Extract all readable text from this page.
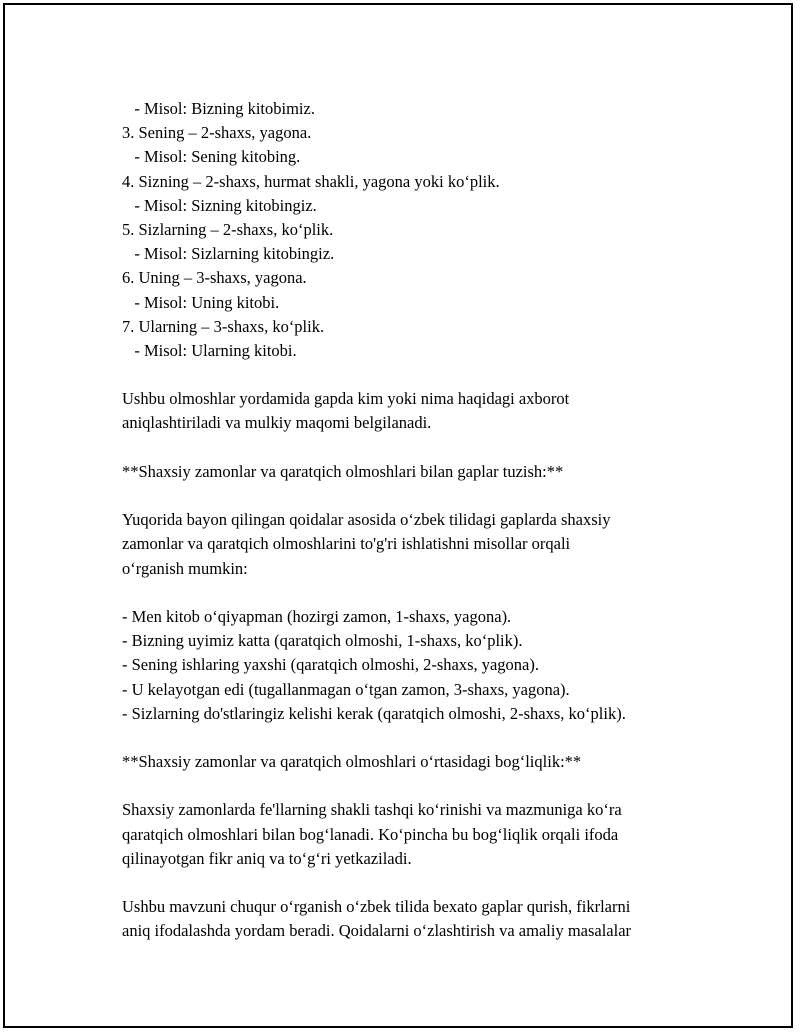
- Misol: Bizning kitobimiz.
3. Sening – 2-shaxs, yagona.
- Misol: Sening kitobing.
4. Sizning – 2-shaxs, hurmat shakli, yagona yoki koʻplik.
- Misol: Sizning kitobingiz.
5. Sizlarning – 2-shaxs, koʻplik.
- Misol: Sizlarning kitobingiz.
6. Uning – 3-shaxs, yagona.
- Misol: Uning kitobi.
7. Ularning – 3-shaxs, koʻplik.
- Misol: Ularning kitobi.
Ushbu olmoshlar yordamida gapda kim yoki nima haqidagi axborot
aniqlashtiriladi va mulkiy maqomi belgilanadi.
**Shaxsiy zamonlar va qaratqich olmoshlari bilan gaplar tuzish:**
Yuqorida bayon qilingan qoidalar asosida oʻzbek tilidagi gaplarda shaxsiy
zamonlar va qaratqich olmoshlarini to'g'ri ishlatishni misollar orqali
oʻrganish mumkin:
- Men kitob oʻqiyapman (hozirgi zamon, 1-shaxs, yagona).
- Bizning uyimiz katta (qaratqich olmoshi, 1-shaxs, koʻplik).
- Sening ishlaring yaxshi (qaratqich olmoshi, 2-shaxs, yagona).
- U kelayotgan edi (tugallanmagan oʻtgan zamon, 3-shaxs, yagona).
- Sizlarning do'stlaringiz kelishi kerak (qaratqich olmoshi, 2-shaxs, koʻplik).
**Shaxsiy zamonlar va qaratqich olmoshlari oʻrtasidagi bogʻliqlik:**
Shaxsiy zamonlarda fe'llarning shakli tashqi koʻrinishi va mazmuniga koʻra
qaratqich olmoshlari bilan bogʻlanadi. Koʻpincha bu bogʻliqlik orqali ifoda
qilinayotgan fikr aniq va toʻgʻri yetkaziladi.
Ushbu mavzuni chuqur oʻrganish oʻzbek tilida bexato gaplar qurish, fikrlarni
aniq ifodalashda yordam beradi. Qoidalarni oʻzlashtirish va amaliy masalalar
